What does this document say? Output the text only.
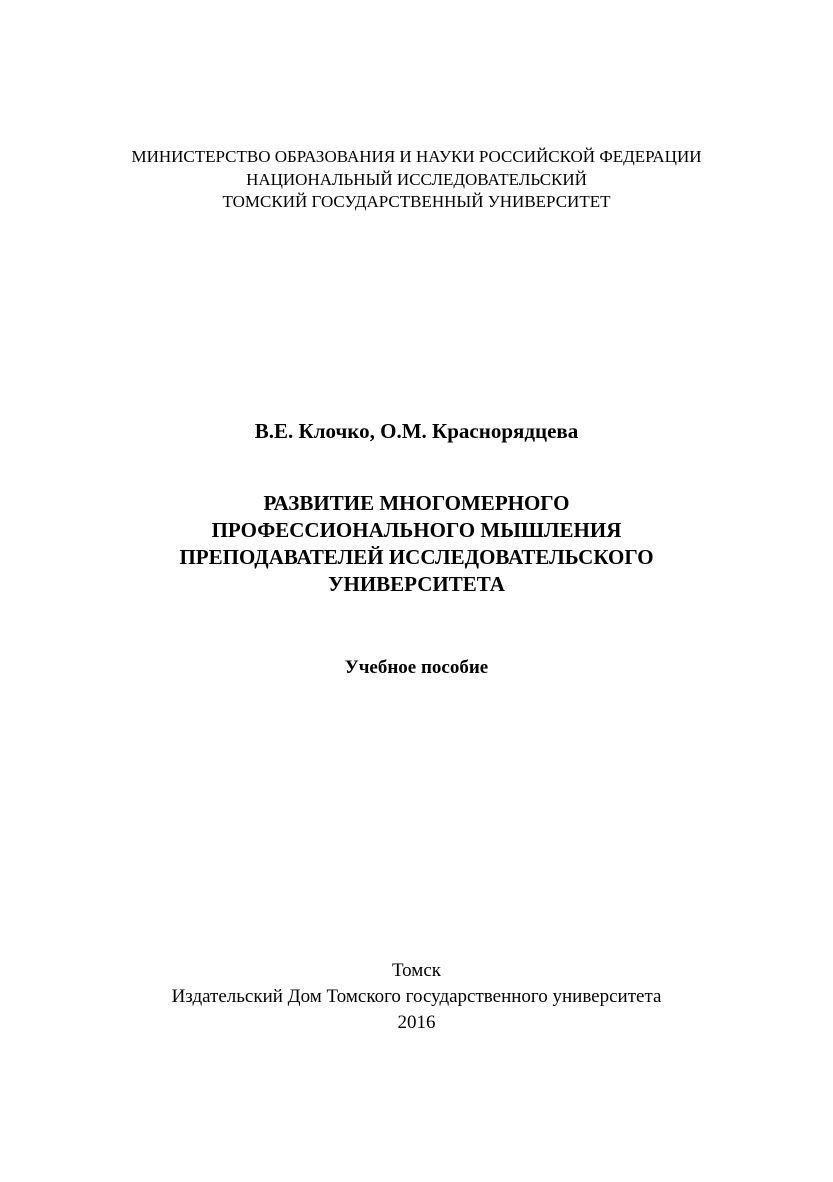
МИНИСТЕРСТВО ОБРАЗОВАНИЯ И НАУКИ РОССИЙСКОЙ ФЕДЕРАЦИИ
НАЦИОНАЛЬНЫЙ ИССЛЕДОВАТЕЛЬСКИЙ
ТОМСКИЙ ГОСУДАРСТВЕННЫЙ УНИВЕРСИТЕТ
В.Е. Клочко, О.М. Краснорядцева
РАЗВИТИЕ МНОГОМЕРНОГО
ПРОФЕССИОНАЛЬНОГО МЫШЛЕНИЯ
ПРЕПОДАВАТЕЛЕЙ ИССЛЕДОВАТЕЛЬСКОГО
УНИВЕРСИТЕТА
Учебное пособие
Томск
Издательский Дом Томского государственного университета
2016
